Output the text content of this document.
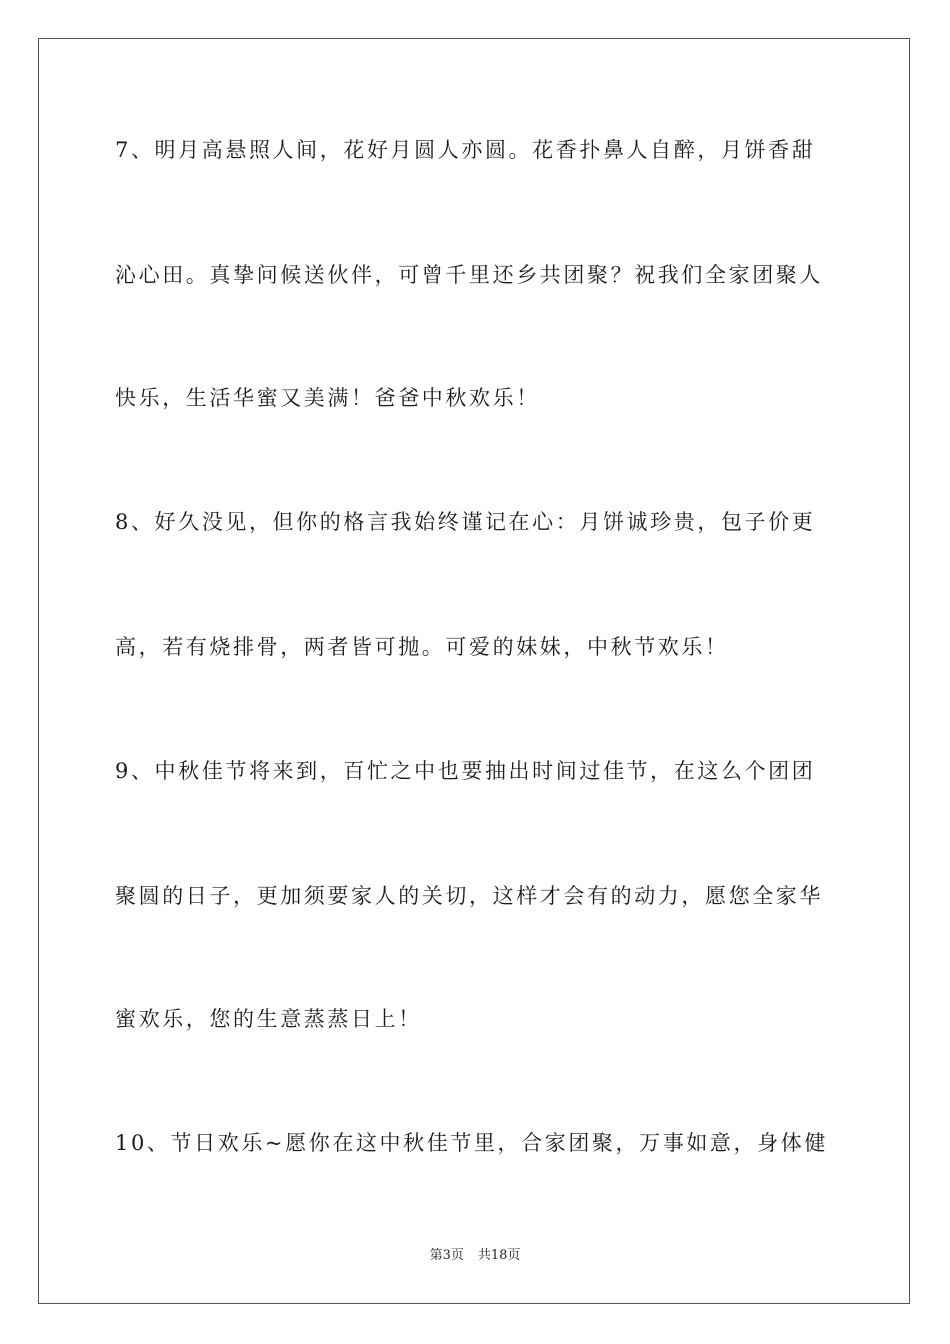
7、明月高悬照人间，花好月圆人亦圆。花香扑鼻人自醉，月饼香甜
沁心田。真挚问候送伙伴，可曾千里还乡共团聚？祝我们全家团聚人
快乐，生活华蜜又美满！爸爸中秋欢乐！
8、好久没见，但你的格言我始终谨记在心：月饼诚珍贵，包子价更
高，若有烧排骨，两者皆可抛。可爱的妹妹，中秋节欢乐！
9、中秋佳节将来到，百忙之中也要抽出时间过佳节，在这么个团团
聚圆的日子，更加须要家人的关切，这样才会有的动力，愿您全家华
蜜欢乐，您的生意蒸蒸日上！
10、节日欢乐~愿你在这中秋佳节里，合家团聚，万事如意，身体健
第3页 共18页
